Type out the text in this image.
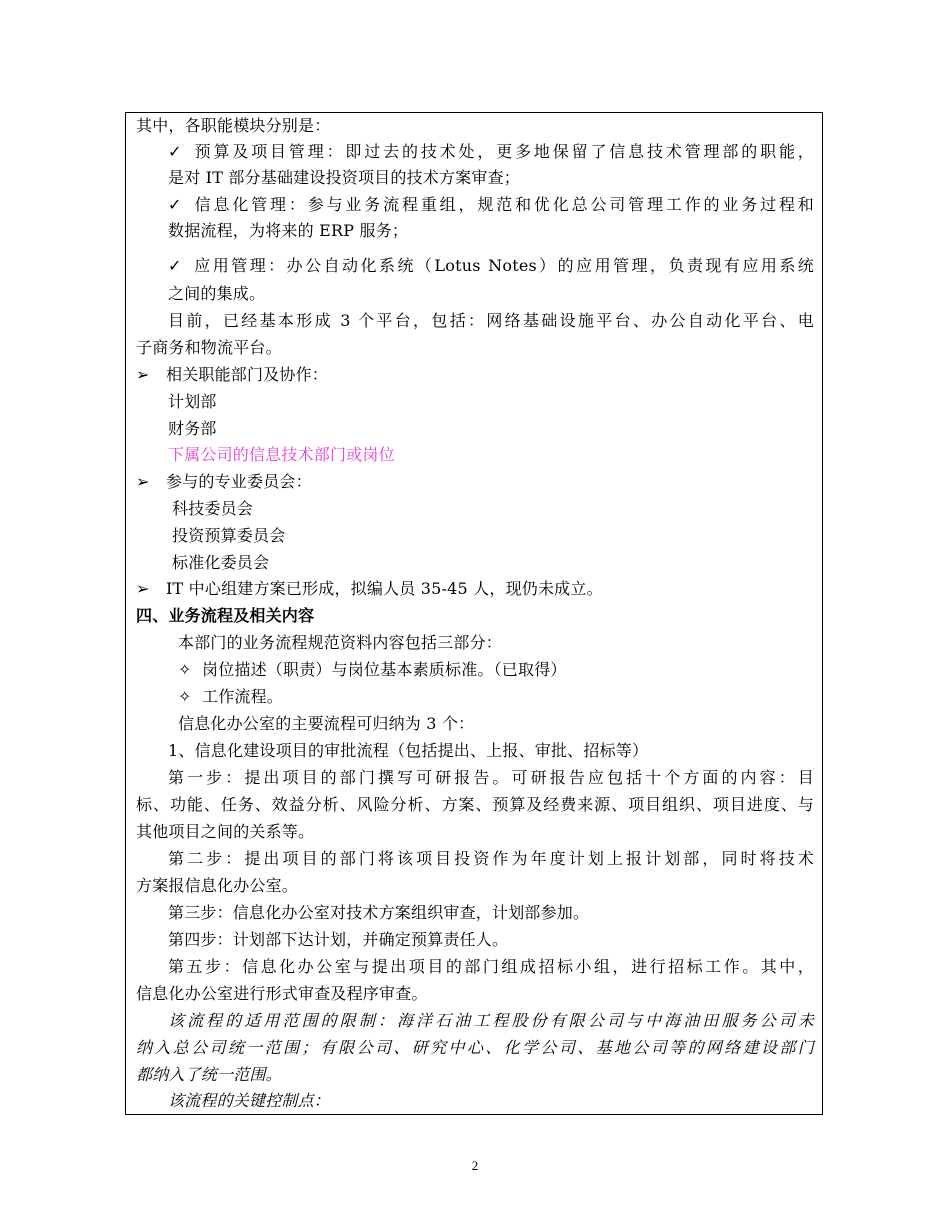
其中，各职能模块分别是：
✓ 预算及项目管理：即过去的技术处，更多地保留了信息技术管理部的职能，
是对 IT 部分基础建设投资项目的技术方案审查；
✓ 信息化管理：参与业务流程重组，规范和优化总公司管理工作的业务过程和
数据流程，为将来的 ERP 服务；
✓ 应用管理：办公自动化系统（Lotus Notes）的应用管理，负责现有应用系统
之间的集成。
目前，已经基本形成 3 个平台，包括：网络基础设施平台、办公自动化平台、电
子商务和物流平台。
➢ 相关职能部门及协作：
计划部
财务部
下属公司的信息技术部门或岗位
➢ 参与的专业委员会：
科技委员会
投资预算委员会
标准化委员会
➢ IT 中心组建方案已形成，拟编人员 35-45 人，现仍未成立。
四、业务流程及相关内容
本部门的业务流程规范资料内容包括三部分：
✧ 岗位描述（职责）与岗位基本素质标准。（已取得）
✧ 工作流程。
信息化办公室的主要流程可归纳为 3 个：
1、信息化建设项目的审批流程（包括提出、上报、审批、招标等）
第一步：提出项目的部门撰写可研报告。可研报告应包括十个方面的内容：目
标、功能、任务、效益分析、风险分析、方案、预算及经费来源、项目组织、项目进度、与
其他项目之间的关系等。
第二步：提出项目的部门将该项目投资作为年度计划上报计划部，同时将技术
方案报信息化办公室。
第三步：信息化办公室对技术方案组织审查，计划部参加。
第四步：计划部下达计划，并确定预算责任人。
第五步：信息化办公室与提出项目的部门组成招标小组，进行招标工作。其中，
信息化办公室进行形式审查及程序审查。
该流程的适用范围的限制：海洋石油工程股份有限公司与中海油田服务公司未
纳入总公司统一范围；有限公司、研究中心、化学公司、基地公司等的网络建设部门
都纳入了统一范围。
该流程的关键控制点：
2
